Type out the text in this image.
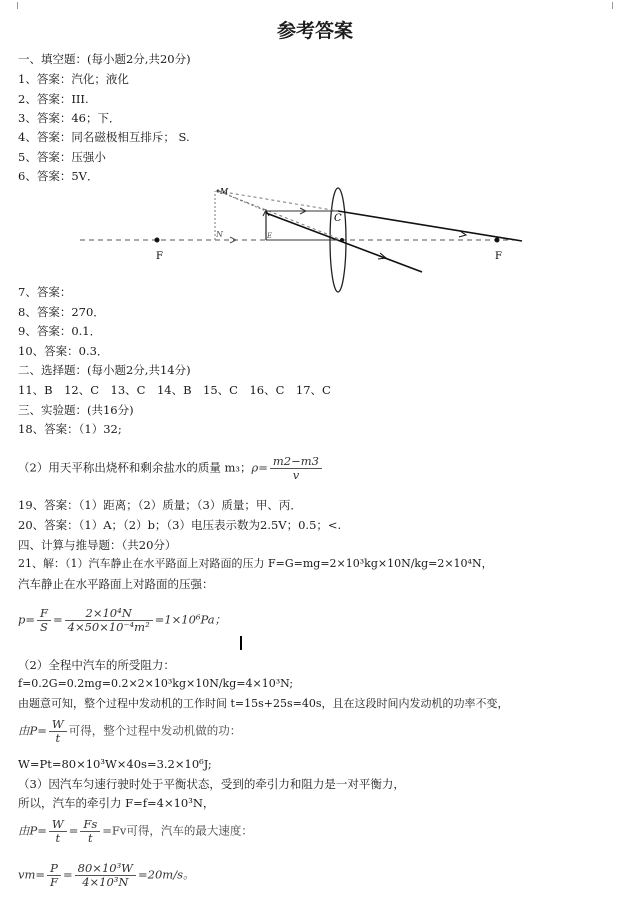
参考答案
一、填空题：(每小题2分,共20分)
1、答案：汽化；液化
2、答案：III.
3、答案：46；下．
4、答案：同名磁极相互排斥； S.
5、答案：压强小
6、答案：5V．
F	F
M
C
N	E
7、答案：
8、答案：270．
9、答案：0.1．
10、答案：0.3．
二、选择题：(每小题2分,共14分)
11、B　12、C　13、C　14、B　15、C　16、C　17、C
三、实验题：(共16分)
18、答案：（1）32;
（2）用天平称出烧杯和剩余盐水的质量 m₃；$\rho= \frac{m2-m3}{v}$
19、答案：（1）距离；（2）质量；（3）质量；甲、丙．
20、答案：（1）A；（2）b；（3）电压表示数为2.5V；0.5；<.
四、计算与推导题：（共20分）
21、解：（1）汽车静止在水平路面上对路面的压力 F=G=mg=2×10³kg×10N/kg=2×10⁴N，
汽车静止在水平路面上对路面的压强：
$p= \frac{F}{S} = \frac{\text{2×10⁴N}}{\text{4×50×10⁻⁴m²}} =1\times 10^6Pa$；
（2）全程中汽车的所受阻力：
f=0.2G=0.2mg=0.2×2×10³kg×10N/kg=4×10³N;
由题意可知，整个过程中发动机的工作时间 t=15s+25s=40s，且在这段时间内发动机的功率不变，
由$P= \frac{W}{t}$ 可得，整个过程中发动机做的功：
W=Pt=80×10³W×40s=3.2×10⁶J;
（3）因汽车匀速行驶时处于平衡状态，受到的牵引力和阻力是一对平衡力，
所以，汽车的牵引力 F=f=4×10³N，
由$P= \frac{W}{t} = \frac{Fs}{t} =Fv$可得，汽车的最大速度：
$vm= \frac{P}{F} = \frac{\text{80×10³W}}{\text{4×10³N}} =20m/s$。
